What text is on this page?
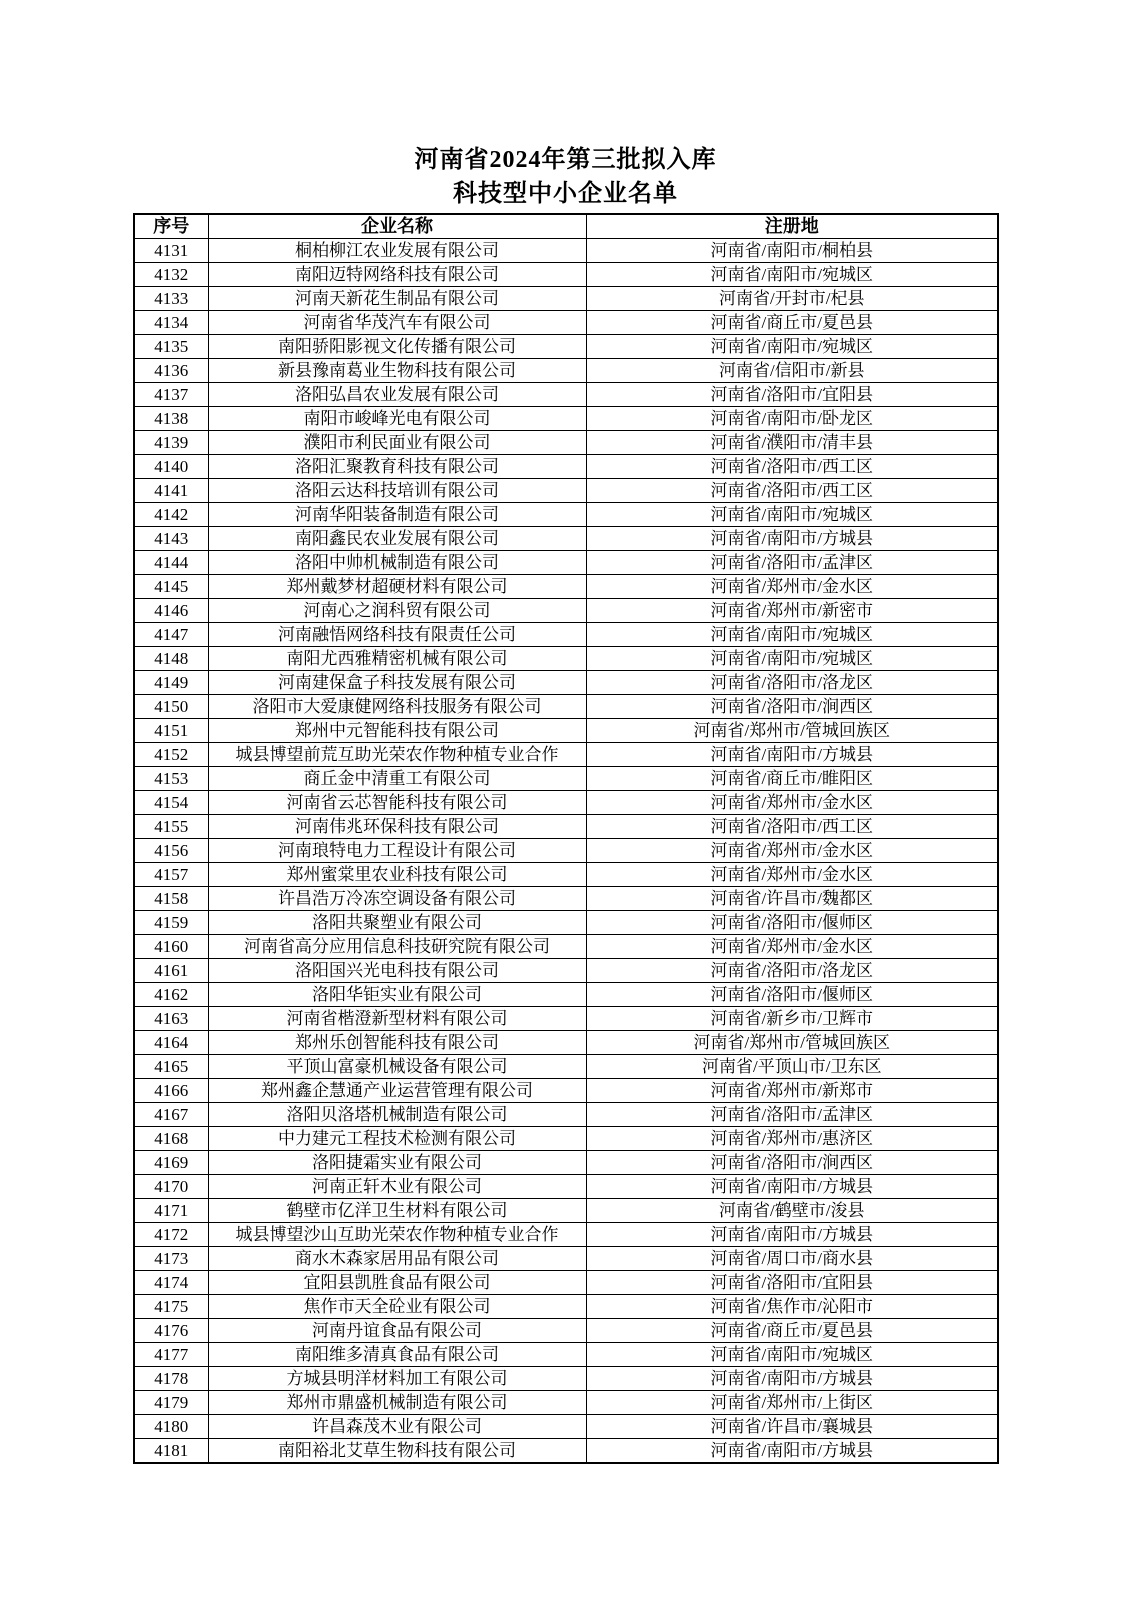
河南省2024年第三批拟入库
科技型中小企业名单
序号	企业名称	注册地
4131	桐柏柳江农业发展有限公司	河南省/南阳市/桐柏县
4132	南阳迈特网络科技有限公司	河南省/南阳市/宛城区
4133	河南天新花生制品有限公司	河南省/开封市/杞县
4134	河南省华茂汽车有限公司	河南省/商丘市/夏邑县
4135	南阳骄阳影视文化传播有限公司	河南省/南阳市/宛城区
4136	新县豫南葛业生物科技有限公司	河南省/信阳市/新县
4137	洛阳弘昌农业发展有限公司	河南省/洛阳市/宜阳县
4138	南阳市峻峰光电有限公司	河南省/南阳市/卧龙区
4139	濮阳市利民面业有限公司	河南省/濮阳市/清丰县
4140	洛阳汇聚教育科技有限公司	河南省/洛阳市/西工区
4141	洛阳云达科技培训有限公司	河南省/洛阳市/西工区
4142	河南华阳装备制造有限公司	河南省/南阳市/宛城区
4143	南阳鑫民农业发展有限公司	河南省/南阳市/方城县
4144	洛阳中帅机械制造有限公司	河南省/洛阳市/孟津区
4145	郑州戴梦材超硬材料有限公司	河南省/郑州市/金水区
4146	河南心之润科贸有限公司	河南省/郑州市/新密市
4147	河南融悟网络科技有限责任公司	河南省/南阳市/宛城区
4148	南阳尤西雅精密机械有限公司	河南省/南阳市/宛城区
4149	河南建保盒子科技发展有限公司	河南省/洛阳市/洛龙区
4150	洛阳市大爱康健网络科技服务有限公司	河南省/洛阳市/涧西区
4151	郑州中元智能科技有限公司	河南省/郑州市/管城回族区
4152	城县博望前荒互助光荣农作物种植专业合作	河南省/南阳市/方城县
4153	商丘金中清重工有限公司	河南省/商丘市/睢阳区
4154	河南省云芯智能科技有限公司	河南省/郑州市/金水区
4155	河南伟兆环保科技有限公司	河南省/洛阳市/西工区
4156	河南琅特电力工程设计有限公司	河南省/郑州市/金水区
4157	郑州蜜棠里农业科技有限公司	河南省/郑州市/金水区
4158	许昌浩万冷冻空调设备有限公司	河南省/许昌市/魏都区
4159	洛阳共聚塑业有限公司	河南省/洛阳市/偃师区
4160	河南省高分应用信息科技研究院有限公司	河南省/郑州市/金水区
4161	洛阳国兴光电科技有限公司	河南省/洛阳市/洛龙区
4162	洛阳华钜实业有限公司	河南省/洛阳市/偃师区
4163	河南省楷澄新型材料有限公司	河南省/新乡市/卫辉市
4164	郑州乐创智能科技有限公司	河南省/郑州市/管城回族区
4165	平顶山富豪机械设备有限公司	河南省/平顶山市/卫东区
4166	郑州鑫企慧通产业运营管理有限公司	河南省/郑州市/新郑市
4167	洛阳贝洛塔机械制造有限公司	河南省/洛阳市/孟津区
4168	中力建元工程技术检测有限公司	河南省/郑州市/惠济区
4169	洛阳捷霜实业有限公司	河南省/洛阳市/涧西区
4170	河南正轩木业有限公司	河南省/南阳市/方城县
4171	鹤壁市亿洋卫生材料有限公司	河南省/鹤壁市/浚县
4172	城县博望沙山互助光荣农作物种植专业合作	河南省/南阳市/方城县
4173	商水木森家居用品有限公司	河南省/周口市/商水县
4174	宜阳县凯胜食品有限公司	河南省/洛阳市/宜阳县
4175	焦作市天全砼业有限公司	河南省/焦作市/沁阳市
4176	河南丹谊食品有限公司	河南省/商丘市/夏邑县
4177	南阳维多清真食品有限公司	河南省/南阳市/宛城区
4178	方城县明洋材料加工有限公司	河南省/南阳市/方城县
4179	郑州市鼎盛机械制造有限公司	河南省/郑州市/上街区
4180	许昌森茂木业有限公司	河南省/许昌市/襄城县
4181	南阳裕北艾草生物科技有限公司	河南省/南阳市/方城县
